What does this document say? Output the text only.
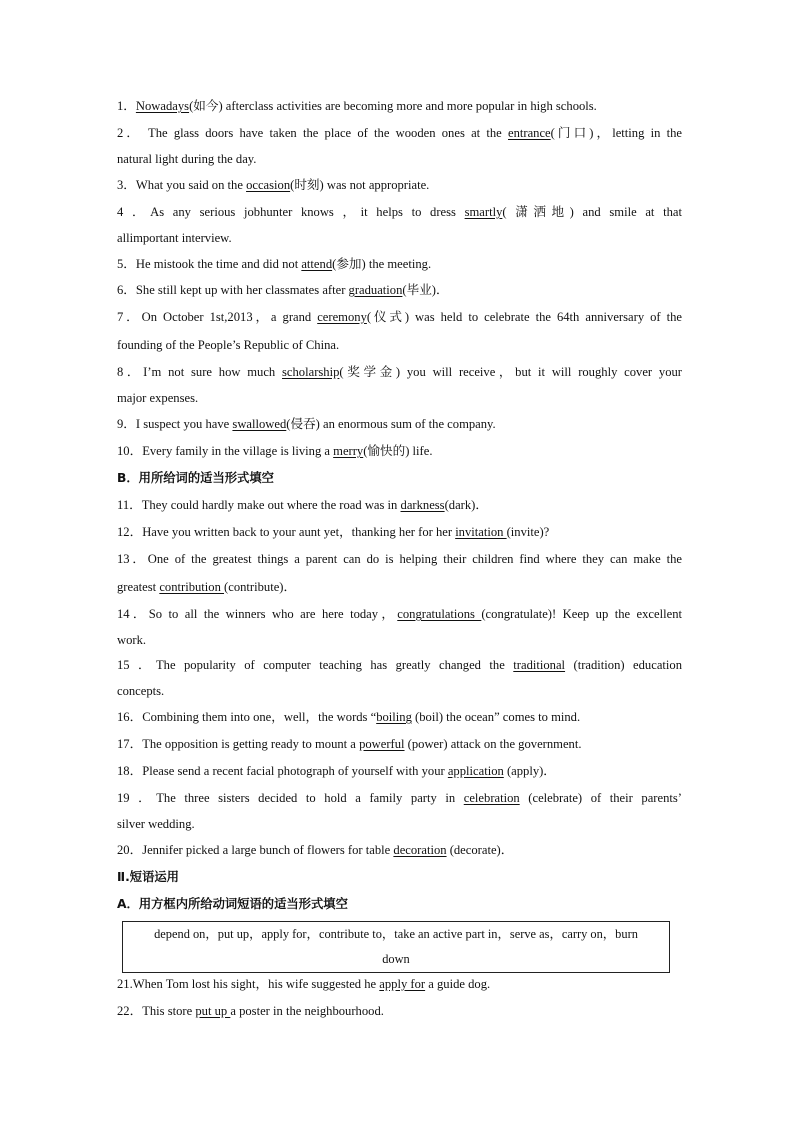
1．Nowadays(如今) afterclass activities are becoming more and more popular in high schools.
2． The glass doors have taken the place of the wooden ones at the entrance(门口)，letting in the
natural light during the day.
3．What you said on the occasion(时刻) was not appropriate.
4 ．As any serious jobhunter knows ，it helps to dress smartly( 潇洒地) and smile at that
allimportant interview.
5．He mistook the time and did not attend(参加) the meeting.
6．She still kept up with her classmates after graduation(毕业)．
7．On October 1st,2013，a grand ceremony(仪式) was held to celebrate the 64th anniversary of the
founding of the People’s Republic of China.
8．I’m not sure how much scholarship(奖学金) you will receive，but it will roughly cover your
major expenses.
9．I suspect you have swallowed(侵吞) an enormous sum of the company.
10．Every family in the village is living a merry(愉快的) life.
B．用所给词的适当形式填空
11．They could hardly make out where the road was in darkness(dark)．
12．Have you written back to your aunt yet，thanking her for her invitation (invite)?
13．One of the greatest things a parent can do is helping their children find where they can make the
greatest contribution (contribute)．
14．So to all the winners who are here today，congratulations (congratulate)! Keep up the excellent
work.
15 ．The popularity of computer teaching has greatly changed the traditional (tradition) education
concepts.
16．Combining them into one，well，the words “boiling (boil) the ocean” comes to mind.
17．The opposition is getting ready to mount a powerful (power) attack on the government.
18．Please send a recent facial photograph of yourself with your application (apply)．
19 ．The three sisters decided to hold a family party in celebration (celebrate) of their parents’
silver wedding.
20．Jennifer picked a large bunch of flowers for table decoration (decorate)．
Ⅱ.短语运用
A．用方框内所给动词短语的适当形式填空
depend on，put up，apply for，contribute to，take an active part in，serve as，carry on，burn
down
21.When Tom lost his sight，his wife suggested he apply for a guide dog.
22．This store put up a poster in the neighbourhood.
